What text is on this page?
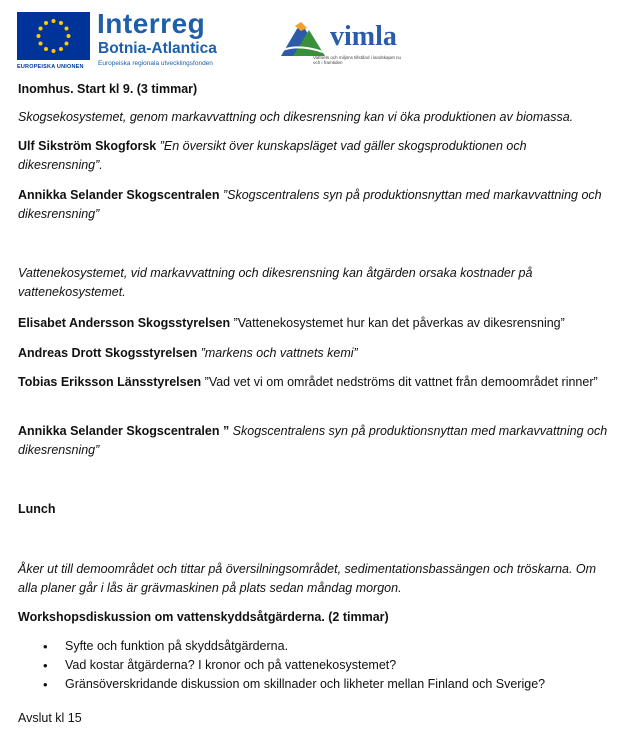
EUROPEISKA UNIONEN
Interreg
Botnia-Atlantica
Europeiska regionala utvecklingsfonden
vimla
Vattnets och miljöns tillstånd i landskapet nu och i framtiden

Inomhus. Start kl 9. (3 timmar)

Skogsekosystemet, genom markavvattning och dikesrensning kan vi öka produktionen av biomassa.

Ulf Sikström Skogforsk ”En översikt över kunskapsläget vad gäller skogsproduktionen och dikesrensning”.

Annikka Selander Skogscentralen ”Skogscentralens syn på produktionsnyttan med markavvattning och dikesrensning”

Vattenekosystemet, vid markavvattning och dikesrensning kan åtgärden orsaka kostnader på vattenekosystemet.

Elisabet Andersson Skogsstyrelsen ”Vattenekosystemet hur kan det påverkas av dikesrensning”

Andreas Drott Skogsstyrelsen ”markens och vattnets kemi”

Tobias Eriksson Länsstyrelsen ”Vad vet vi om området nedströms dit vattnet från demoområdet rinner”

Annikka Selander Skogscentralen ” Skogscentralens syn på produktionsnyttan med markavvattning och dikesrensning”

Lunch

Åker ut till demoområdet och tittar på översilningsområdet, sedimentationsbassängen och tröskarna. Om alla planer går i lås är grävmaskinen på plats sedan måndag morgon.

Workshopsdiskussion om vattenskyddsåtgärderna. (2 timmar)

• Syfte och funktion på skyddsåtgärderna.
• Vad kostar åtgärderna? I kronor och på vattenekosystemet?
• Gränsöverskridande diskussion om skillnader och likheter mellan Finland och Sverige?

Avslut kl 15
